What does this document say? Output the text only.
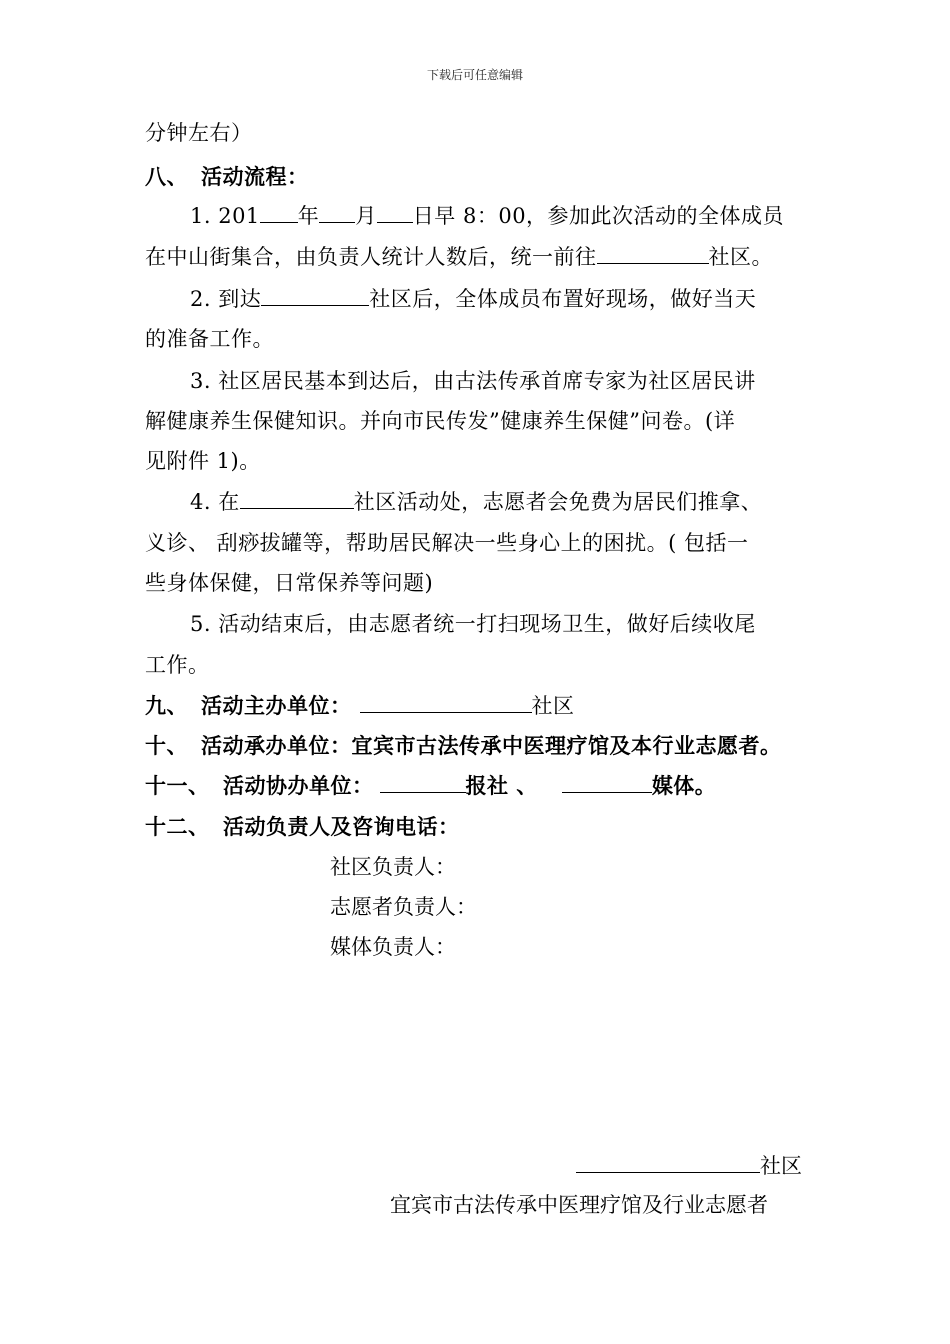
下载后可任意编辑
分钟左右）
八、 活动流程：
1. 201 年 月 日早 8：00，参加此次活动的全体成员
在中山街集合，由负责人统计人数后，统一前往	社区。
2. 到达	社区后，全体成员布置好现场，做好当天
的准备工作。
3. 社区居民基本到达后，由古法传承首席专家为社区居民讲
解健康养生保健知识。并向市民传发”健康养生保健”问卷。(详
见附件 1)。
4. 在	社区活动处，志愿者会免费为居民们推拿、
义诊、 刮痧拔罐等，帮助居民解决一些身心上的困扰。( 包括一
些身体保健，日常保养等问题)
5. 活动结束后，由志愿者统一打扫现场卫生，做好后续收尾
工作。
九、 活动主办单位：	社区
十、 活动承办单位：宜宾市古法传承中医理疗馆及本行业志愿者。
十一、 活动协办单位：	报社 、	媒体。
十二、 活动负责人及咨询电话：
社区负责人：
志愿者负责人：
媒体负责人：
社区
宜宾市古法传承中医理疗馆及行业志愿者
